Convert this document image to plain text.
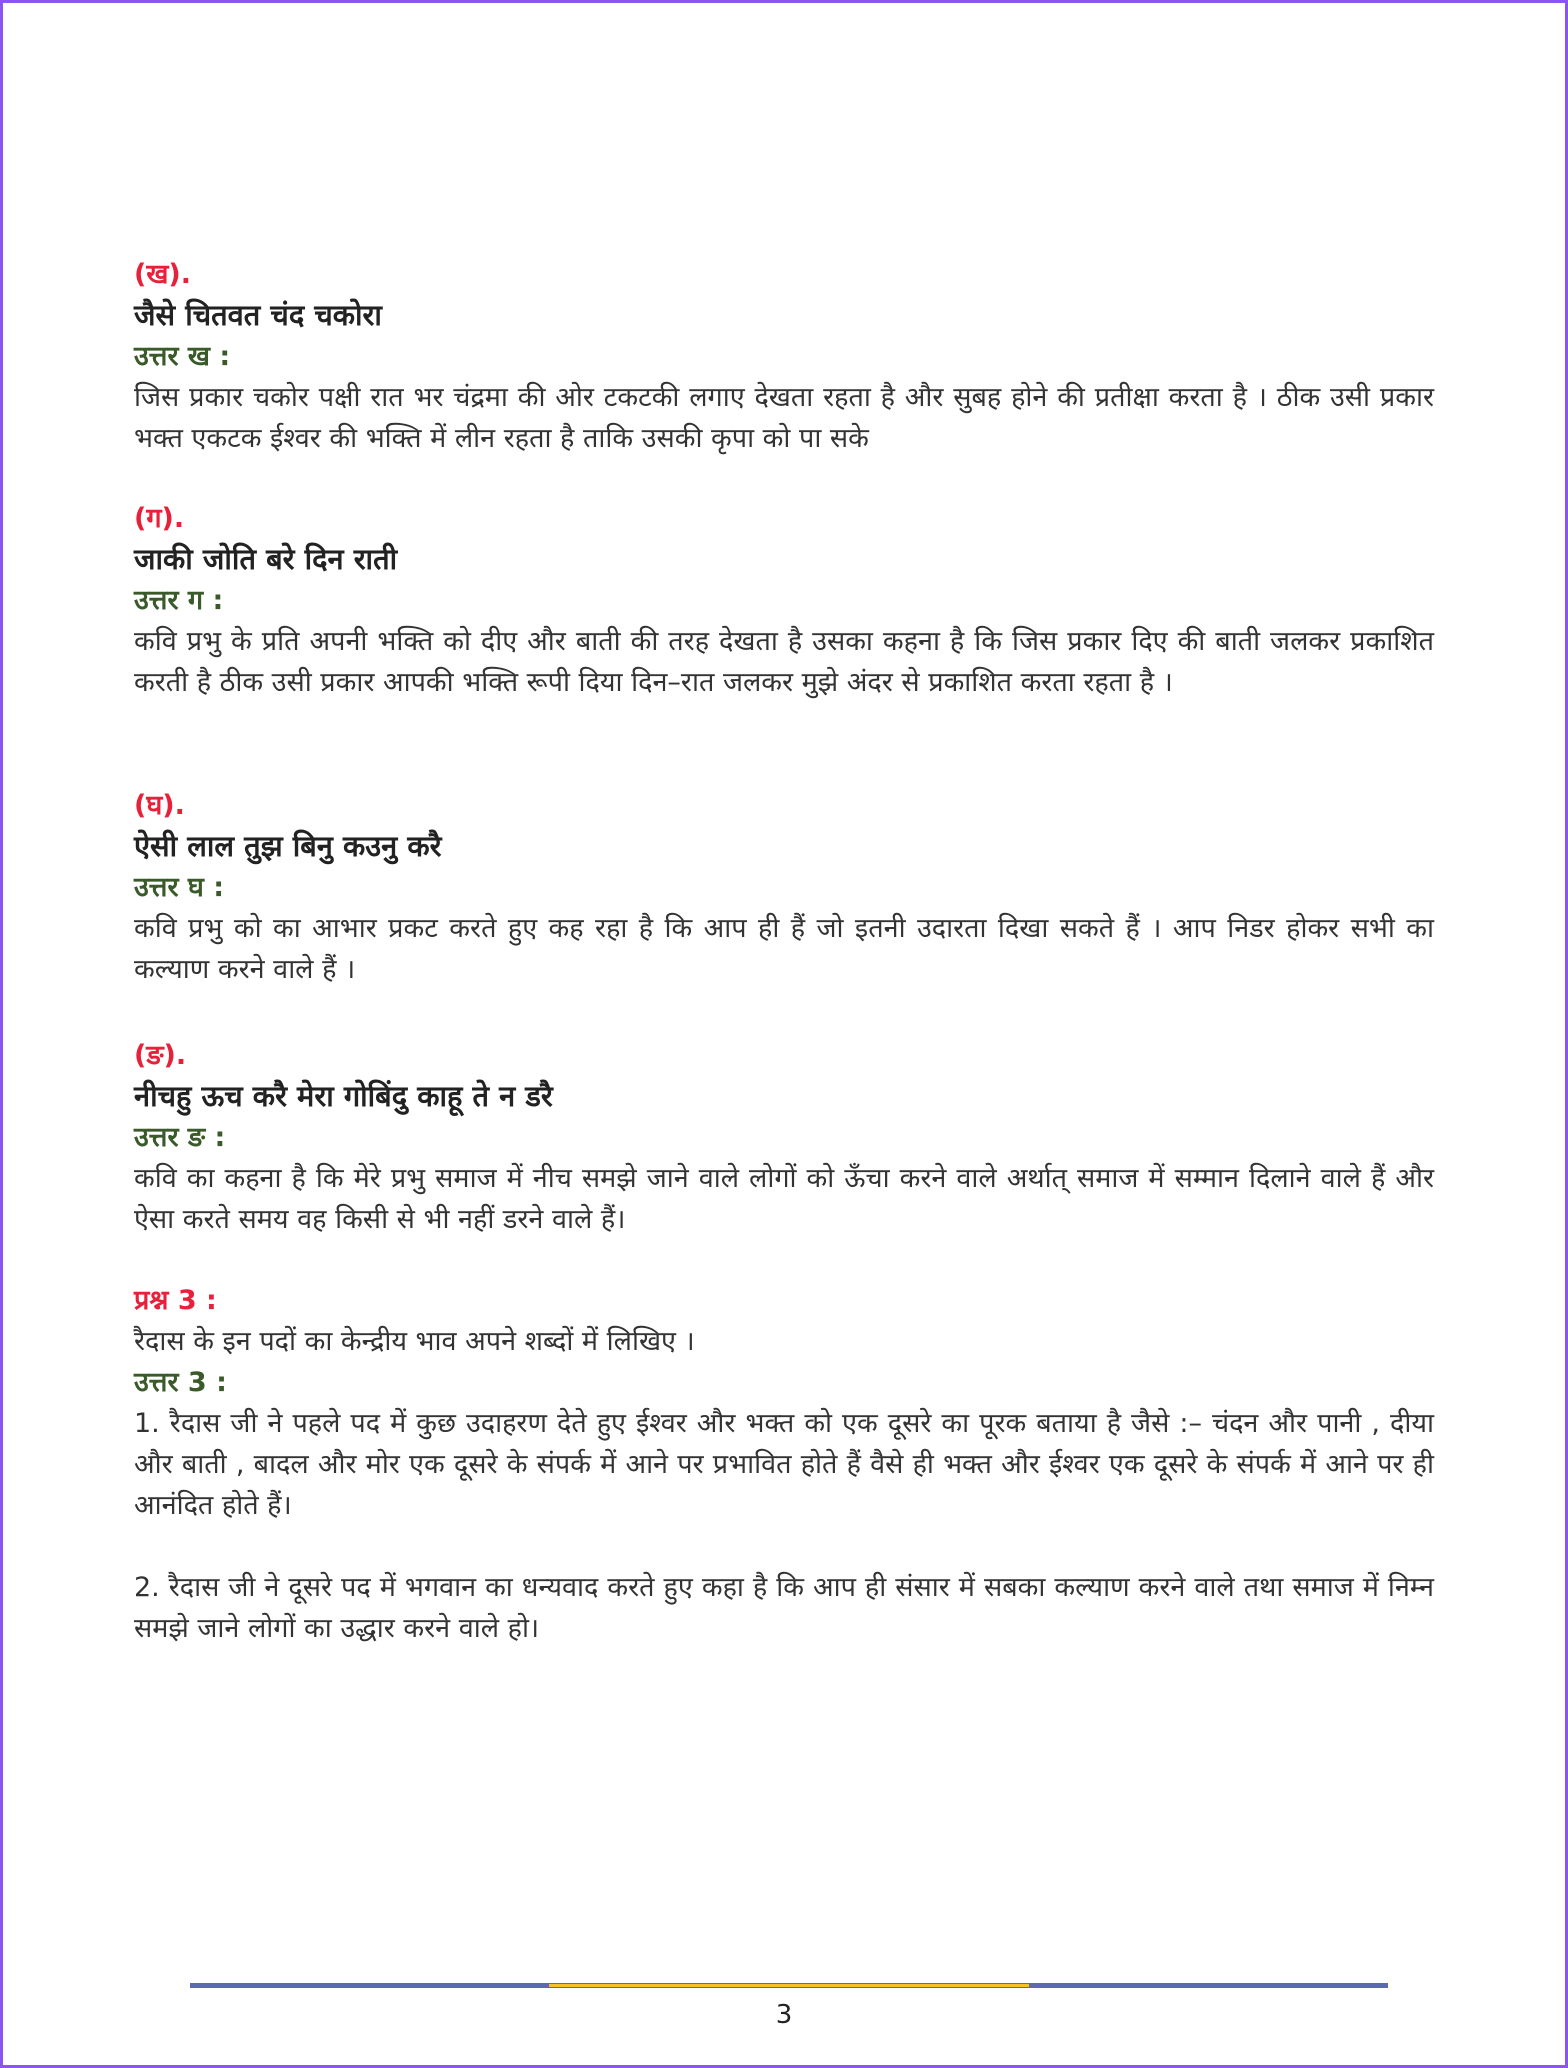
(ख).
जैसे चितवत चंद चकोरा
उत्तर ख :
जिस प्रकार चकोर पक्षी रात भर चंद्रमा की ओर टकटकी लगाए देखता रहता है और सुबह होने की प्रतीक्षा करता है । ठीक उसी प्रकार भक्त एकटक ईश्वर की भक्ति में लीन रहता है ताकि उसकी कृपा को पा सके
(ग).
जाकी जोति बरे दिन राती
उत्तर ग :
कवि प्रभु के प्रति अपनी भक्ति को दीए और बाती की तरह देखता है उसका कहना है कि जिस प्रकार दिए की बाती जलकर प्रकाशित करती है ठीक उसी प्रकार आपकी भक्ति रूपी दिया दिन–रात जलकर मुझे अंदर से प्रकाशित करता रहता है ।
(घ).
ऐसी लाल तुझ बिनु कउनु करै
उत्तर घ :
कवि प्रभु को का आभार प्रकट करते हुए कह रहा है कि आप ही हैं जो इतनी उदारता दिखा सकते हैं । आप निडर होकर सभी का कल्याण करने वाले हैं ।
(ङ).
नीचहु ऊच करै मेरा गोबिंदु काहू ते न डरै
उत्तर ङ :
कवि का कहना है कि मेरे प्रभु समाज में नीच समझे जाने वाले लोगों को ऊँचा करने वाले अर्थात् समाज में सम्मान दिलाने वाले हैं और ऐसा करते समय वह किसी से भी नहीं डरने वाले हैं।
प्रश्न 3 :
रैदास के इन पदों का केन्द्रीय भाव अपने शब्दों में लिखिए ।
उत्तर 3 :
1. रैदास जी ने पहले पद में कुछ उदाहरण देते हुए ईश्वर और भक्त को एक दूसरे का पूरक बताया है जैसे :– चंदन और पानी , दीया और बाती , बादल और मोर एक दूसरे के संपर्क में आने पर प्रभावित होते हैं वैसे ही भक्त और ईश्वर एक दूसरे के संपर्क में आने पर ही आनंदित होते हैं।
2. रैदास जी ने दूसरे पद में भगवान का धन्यवाद करते हुए कहा है कि आप ही संसार में सबका कल्याण करने वाले तथा समाज में निम्न समझे जाने लोगों का उद्धार करने वाले हो।
3
